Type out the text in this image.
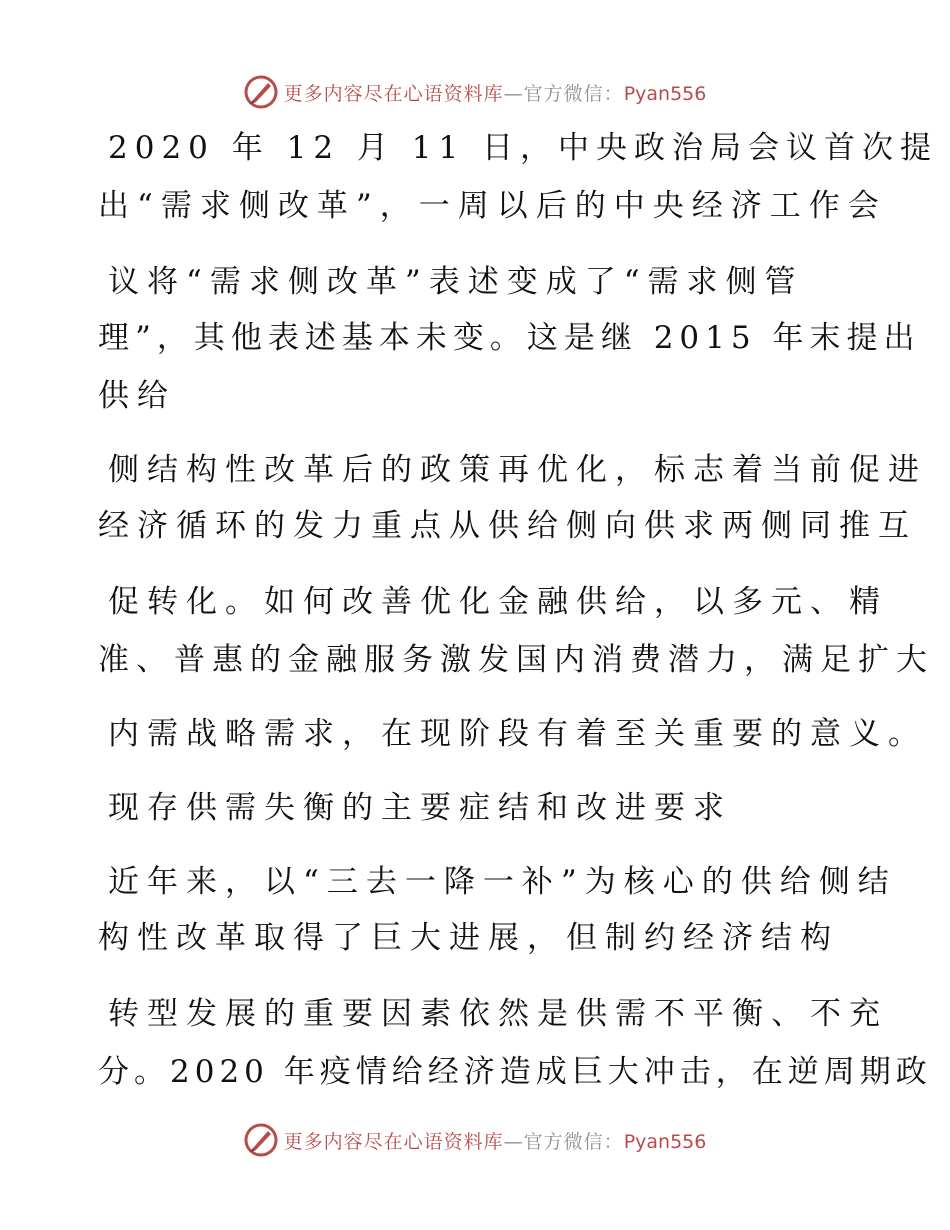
更多内容尽在心语资料库—官方微信：Pyan556
2020 年 12 月 11 日，中央政治局会议首次提
出“需求侧改革”，一周以后的中央经济工作会
议将“需求侧改革”表述变成了“需求侧管
理”，其他表述基本未变。这是继 2015 年末提出
供给
侧结构性改革后的政策再优化，标志着当前促进
经济循环的发力重点从供给侧向供求两侧同推互
促转化。如何改善优化金融供给，以多元、精
准、普惠的金融服务激发国内消费潜力，满足扩大
内需战略需求，在现阶段有着至关重要的意义。
现存供需失衡的主要症结和改进要求
近年来，以“三去一降一补”为核心的供给侧结
构性改革取得了巨大进展，但制约经济结构
转型发展的重要因素依然是供需不平衡、不充
分。2020 年疫情给经济造成巨大冲击，在逆周期政
更多内容尽在心语资料库—官方微信：Pyan556
